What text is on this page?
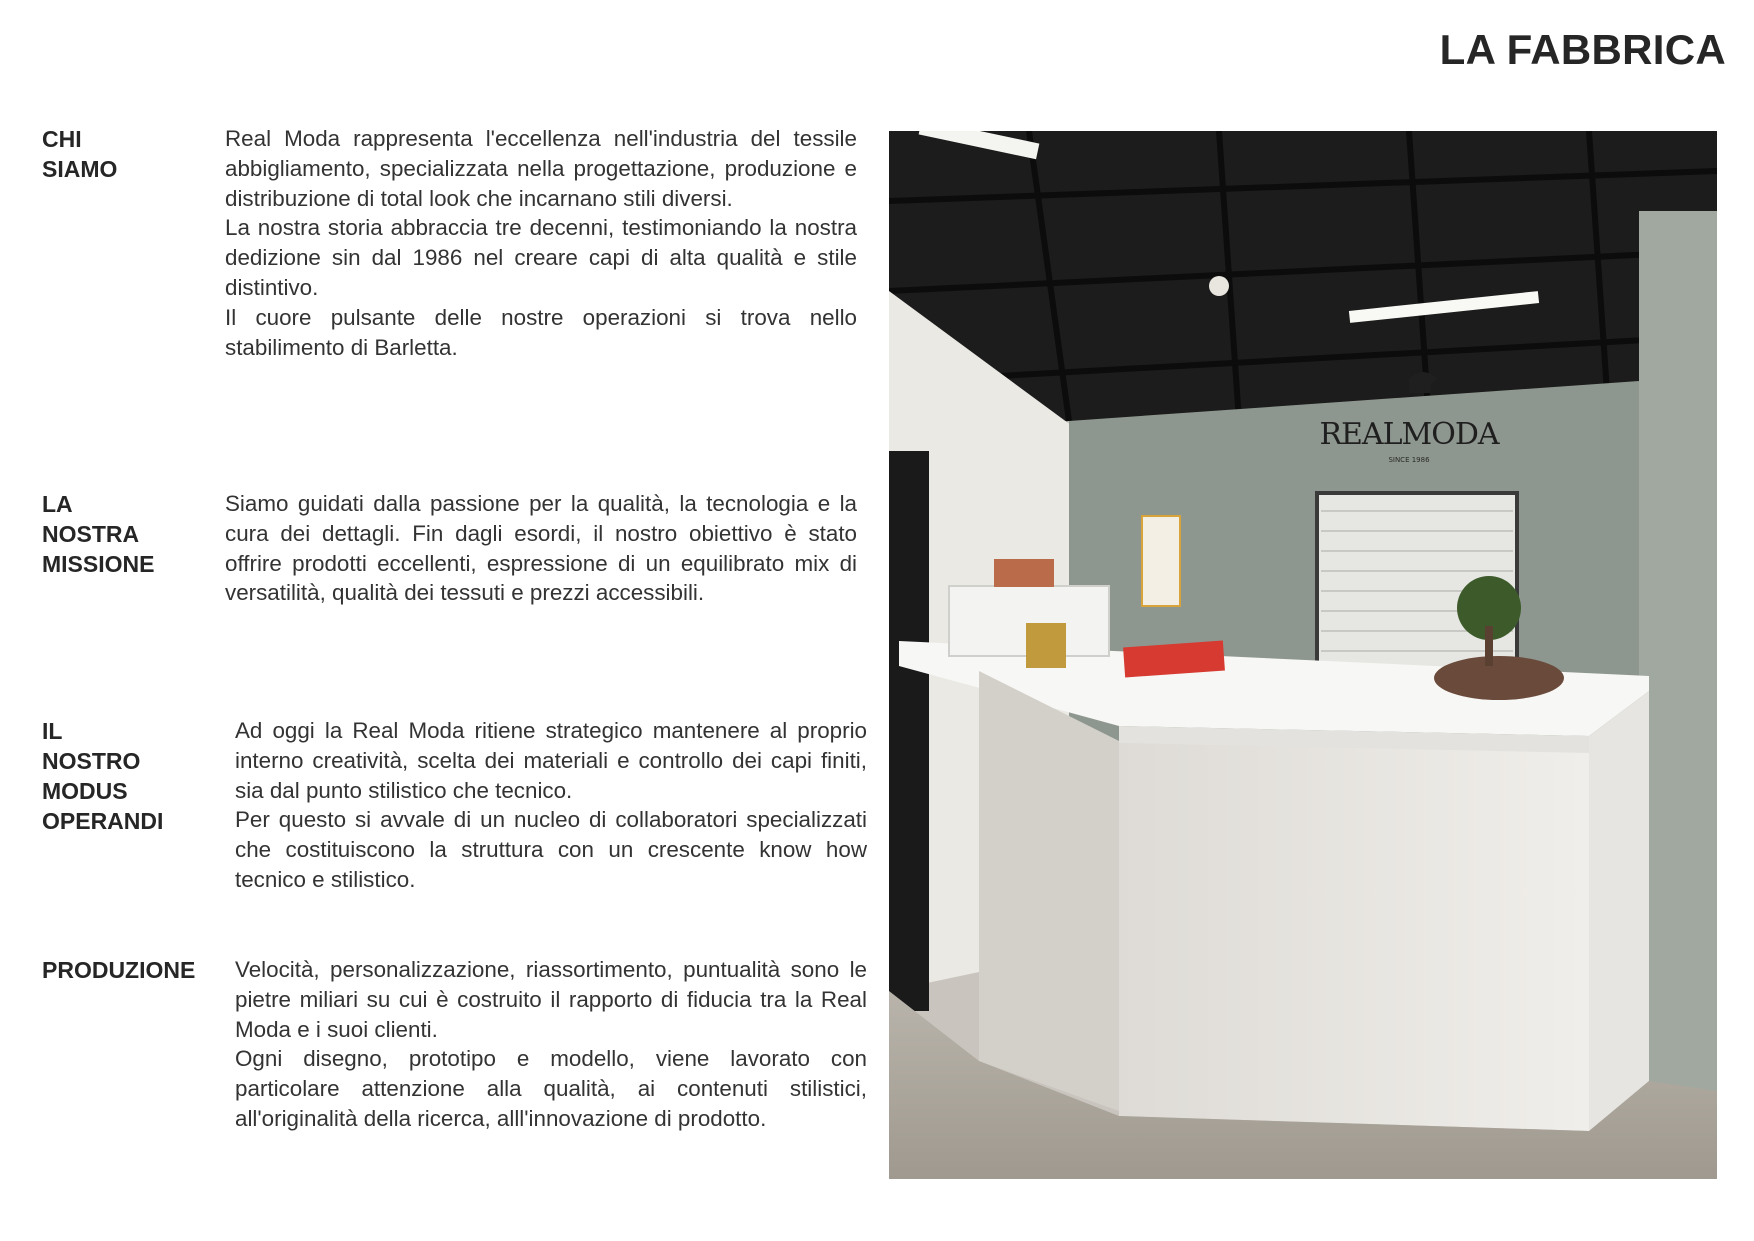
LA FABBRICA
CHI SIAMO

Real Moda rappresenta l'eccellenza nell'industria del tessile abbigliamento, specializzata nella progettazione, produzione e distribuzione di total look che incarnano stili diversi.

La nostra storia abbraccia tre decenni, testimoniando la nostra dedizione sin dal 1986 nel creare capi di alta qualità e stile distintivo.

Il cuore pulsante delle nostre operazioni si trova nello stabilimento di Barletta.

LA NOSTRA
MISSIONE

Siamo guidati dalla passione per la qualità, la tecnologia e la cura dei dettagli. Fin dagli esordi, il nostro obiettivo è stato offrire prodotti eccellenti, espressione di un equilibrato mix di versatilità, qualità dei tessuti e prezzi accessibili.

IL NOSTRO
MODUS
OPERANDI

Ad oggi la Real Moda ritiene strategico mantenere al proprio interno creatività, scelta dei materiali e controllo dei capi finiti, sia dal punto stilistico che tecnico.

Per questo si avvale di un nucleo di collaboratori specializzati che costituiscono la struttura con un crescente know how tecnico e stilistico.

PRODUZIONE Velocità, personalizzazione, riassortimento, puntualità sono le pietre miliari su cui è costruito il rapporto di fiducia tra la Real Moda e i suoi clienti.

Ogni disegno, prototipo e modello, viene lavorato con particolare attenzione alla qualità, ai contenuti stilistici, all'originalità della ricerca, alll'innovazione di prodotto.

REALMODA
SINCE 1986
